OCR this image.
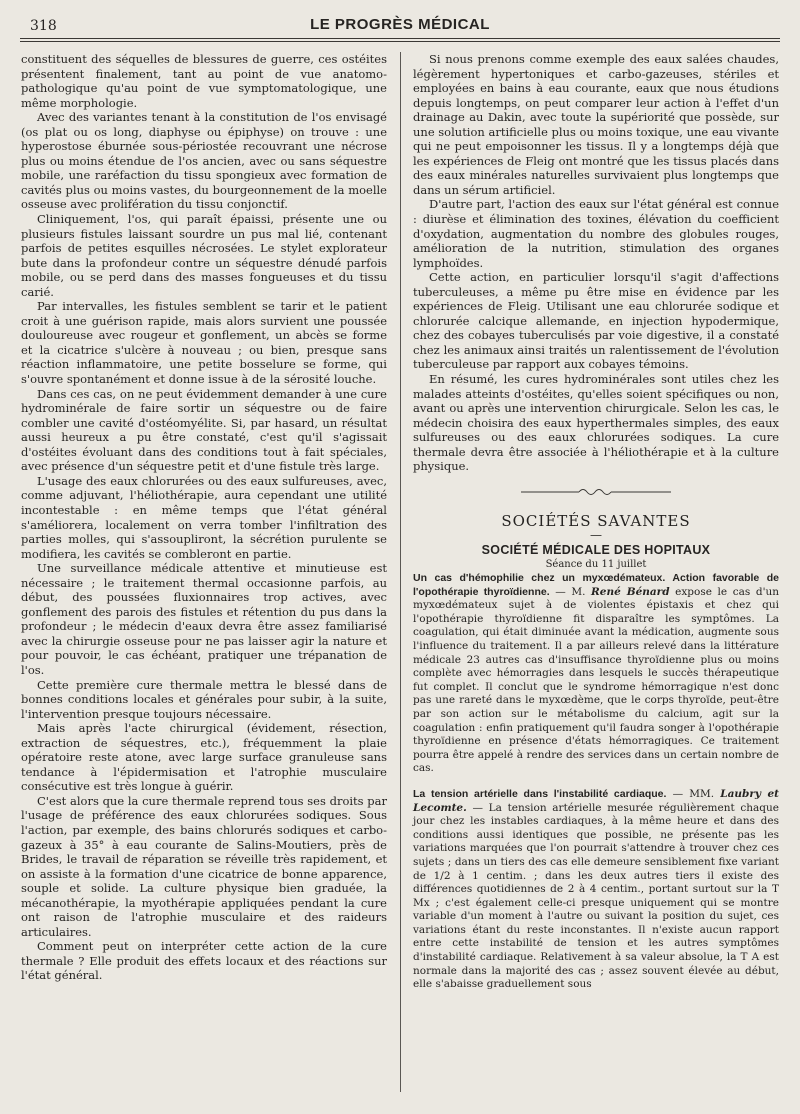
318	LE PROGRÈS MÉDICAL

constituent des séquelles de blessures de guerre, ces ostéites présentent finalement, tant au point de vue anatomo-pathologique qu'au point de vue symptomatologique, une même morphologie.

Avec des variantes tenant à la constitution de l'os envisagé (os plat ou os long, diaphyse ou épiphyse) on trouve : une hyperostose éburnée sous-périostée recouvrant une nécrose plus ou moins étendue de l'os ancien, avec ou sans séquestre mobile, une raréfaction du tissu spongieux avec formation de cavités plus ou moins vastes, du bourgeonnement de la moelle osseuse avec prolifération du tissu conjonctif.

Cliniquement, l'os, qui paraît épaissi, présente une ou plusieurs fistules laissant sourdre un pus mal lié, contenant parfois de petites esquilles nécrosées. Le stylet explorateur bute dans la profondeur contre un séquestre dénudé parfois mobile, ou se perd dans des masses fongueuses et du tissu carié.

Par intervalles, les fistules semblent se tarir et le patient croit à une guérison rapide, mais alors survient une poussée douloureuse avec rougeur et gonflement, un abcès se forme et la cicatrice s'ulcère à nouveau ; ou bien, presque sans réaction inflammatoire, une petite bosselure se forme, qui s'ouvre spontanément et donne issue à de la sérosité louche.

Dans ces cas, on ne peut évidemment demander à une cure hydrominérale de faire sortir un séquestre ou de faire combler une cavité d'ostéomyélite. Si, par hasard, un résultat aussi heureux a pu être constaté, c'est qu'il s'agissait d'ostéites évoluant dans des conditions tout à fait spéciales, avec présence d'un séquestre petit et d'une fistule très large.

L'usage des eaux chlorurées ou des eaux sulfureuses, avec, comme adjuvant, l'héliothérapie, aura cependant une utilité incontestable : en même temps que l'état général s'améliorera, localement on verra tomber l'infiltration des parties molles, qui s'assoupliront, la sécrétion purulente se modifiera, les cavités se combleront en partie.

Une surveillance médicale attentive et minutieuse est nécessaire ; le traitement thermal occasionne parfois, au début, des poussées fluxionnaires trop actives, avec gonflement des parois des fistules et rétention du pus dans la profondeur ; le médecin d'eaux devra être assez familiarisé avec la chirurgie osseuse pour ne pas laisser agir la nature et pour pouvoir, le cas échéant, pratiquer une trépanation de l'os.

Cette première cure thermale mettra le blessé dans de bonnes conditions locales et générales pour subir, à la suite, l'intervention presque toujours nécessaire.

Mais après l'acte chirurgical (évidement, résection, extraction de séquestres, etc.), fréquemment la plaie opératoire reste atone, avec large surface granuleuse sans tendance à l'épidermisation et l'atrophie musculaire consécutive est très longue à guérir.

C'est alors que la cure thermale reprend tous ses droits par l'usage de préférence des eaux chlorurées sodiques. Sous l'action, par exemple, des bains chlorurés sodiques et carbo-gazeux à 35° à eau courante de Salins-Moutiers, près de Brides, le travail de réparation se réveille très rapidement, et on assiste à la formation d'une cicatrice de bonne apparence, souple et solide. La culture physique bien graduée, la mécanothérapie, la myothérapie appliquées pendant la cure ont raison de l'atrophie musculaire et des raideurs articulaires.

Comment peut on interpréter cette action de la cure thermale ? Elle produit des effets locaux et des réactions sur l'état général.

Si nous prenons comme exemple des eaux salées chaudes, légèrement hypertoniques et carbo-gazeuses, stériles et employées en bains à eau courante, eaux que nous étudions depuis longtemps, on peut comparer leur action à l'effet d'un drainage au Dakin, avec toute la supériorité que possède, sur une solution artificielle plus ou moins toxique, une eau vivante qui ne peut empoisonner les tissus. Il y a longtemps déjà que les expériences de Fleig ont montré que les tissus placés dans des eaux minérales naturelles survivaient plus longtemps que dans un sérum artificiel.

D'autre part, l'action des eaux sur l'état général est connue : diurèse et élimination des toxines, élévation du coefficient d'oxydation, augmentation du nombre des globules rouges, amélioration de la nutrition, stimulation des organes lymphoïdes.

Cette action, en particulier lorsqu'il s'agit d'affections tuberculeuses, a même pu être mise en évidence par les expériences de Fleig. Utilisant une eau chlorurée sodique et chlorurée calcique allemande, en injection hypodermique, chez des cobayes tuberculisés par voie digestive, il a constaté chez les animaux ainsi traités un ralentissement de l'évolution tuberculeuse par rapport aux cobayes témoins.

En résumé, les cures hydrominérales sont utiles chez les malades atteints d'ostéites, qu'elles soient spécifiques ou non, avant ou après une intervention chirurgicale. Selon les cas, le médecin choisira des eaux hyperthermales simples, des eaux sulfureuses ou des eaux chlorurées sodiques. La cure thermale devra être associée à l'héliothérapie et à la culture physique.

SOCIÉTÉS SAVANTES

—

SOCIÉTÉ MÉDICALE DES HOPITAUX

Séance du 11 juillet

Un cas d'hémophilie chez un myxœdémateux. Action favorable de l'opothérapie thyroïdienne. — M. René Bénard expose le cas d'un myxœdémateux sujet à de violentes épistaxis et chez qui l'opothérapie thyroïdienne fit disparaître les symptômes. La coagulation, qui était diminuée avant la médication, augmente sous l'influence du traitement. Il a par ailleurs relevé dans la littérature médicale 23 autres cas d'insuffisance thyroïdienne plus ou moins complète avec hémorragies dans lesquels le succès thérapeutique fut complet. Il conclut que le syndrome hémorragique n'est donc pas une rareté dans le myxœdème, que le corps thyroïde, peut-être par son action sur le métabolisme du calcium, agit sur la coagulation : enfin pratiquement qu'il faudra songer à l'opothérapie thyroïdienne en présence d'états hémorragiques. Ce traitement pourra être appelé à rendre des services dans un certain nombre de cas.

La tension artérielle dans l'instabilité cardiaque. — MM. Laubry et Lecomte. — La tension artérielle mesurée régulièrement chaque jour chez les instables cardiaques, à la même heure et dans des conditions aussi identiques que possible, ne présente pas les variations marquées que l'on pourrait s'attendre à trouver chez ces sujets ; dans un tiers des cas elle demeure sensiblement fixe variant de 1/2 à 1 centim. ; dans les deux autres tiers il existe des différences quotidiennes de 2 à 4 centim., portant surtout sur la T Mx ; c'est également celle-ci presque uniquement qui se montre variable d'un moment à l'autre ou suivant la position du sujet, ces variations étant du reste inconstantes. Il n'existe aucun rapport entre cette instabilité de tension et les autres symptômes d'instabilité cardiaque. Relativement à sa valeur absolue, la T A est normale dans la majorité des cas ; assez souvent élevée au début, elle s'abaisse graduellement sous
